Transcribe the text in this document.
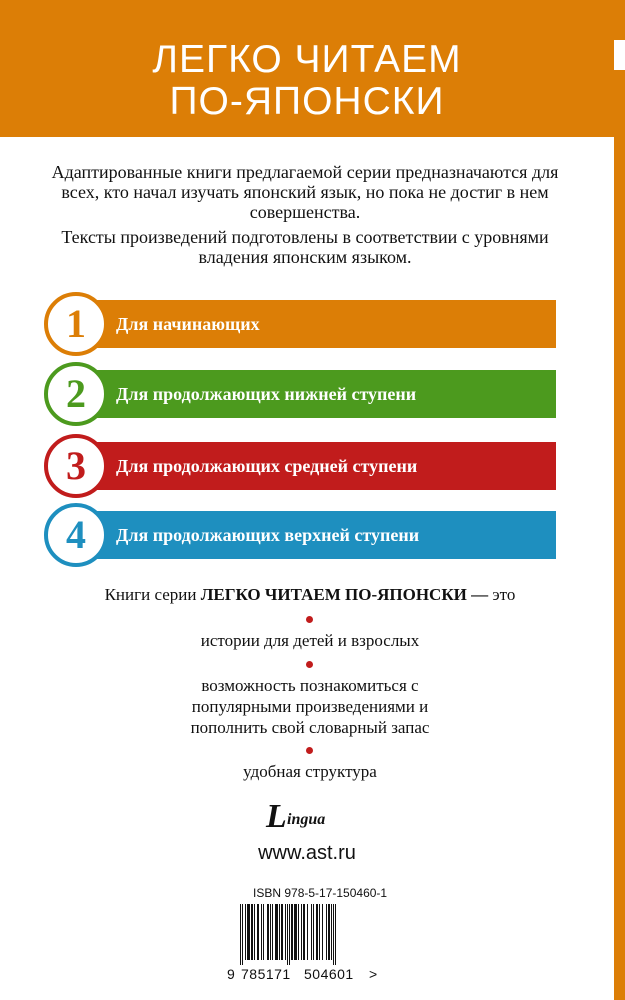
ЛЕГКО ЧИТАЕМ
ПО-ЯПОНСКИ

Адаптированные книги предлагаемой серии предназначаются для всех, кто начал изучать японский язык, но пока не достиг в нем совершенства.

Тексты произведений подготовлены в соответствии с уровнями владения японским языком.

1	Для начинающих
2	Для продолжающих нижней ступени
3	Для продолжающих средней ступени
4	Для продолжающих верхней ступени
Книги серии ЛЕГКО ЧИТАЕМ ПО-ЯПОНСКИ — это
истории для детей и взрослых
возможность познакомиться с популярными произведениями и пополнить свой словарный запас
удобная структура
L ingua
www.ast.ru
ISBN 978-5-17-150460-1
9 785171 504601 >
